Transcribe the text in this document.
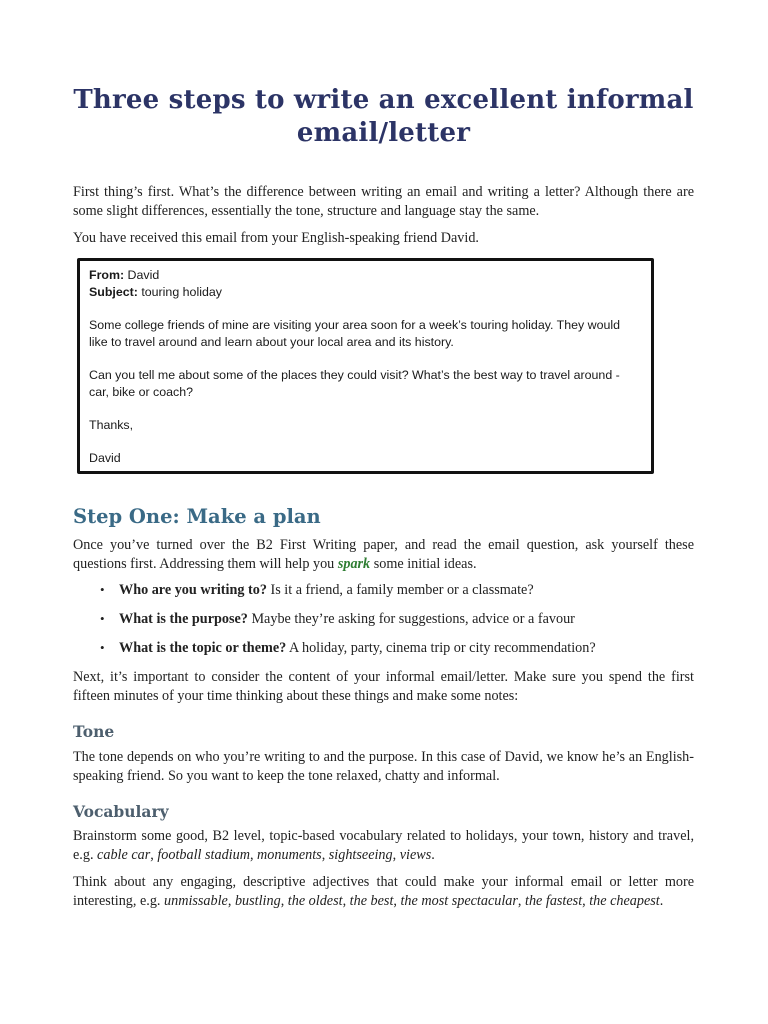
Three steps to write an excellent informal email/letter

First thing’s first. What’s the difference between writing an email and writing a letter? Although there are some slight differences, essentially the tone, structure and language stay the same.

You have received this email from your English-speaking friend David.

From: David
Subject: touring holiday
Some college friends of mine are visiting your area soon for a week’s touring holiday. They would
like to travel around and learn about your local area and its history.
Can you tell me about some of the places they could visit? What’s the best way to travel around -
car, bike or coach?
Thanks,
David
Step One: Make a plan

Once you’ve turned over the B2 First Writing paper, and read the email question, ask yourself these questions first. Addressing them will help you spark some initial ideas.

• Who are you writing to? Is it a friend, a family member or a classmate?
• What is the purpose? Maybe they’re asking for suggestions, advice or a favour
• What is the topic or theme? A holiday, party, cinema trip or city recommendation?

Next, it’s important to consider the content of your informal email/letter. Make sure you spend the first fifteen minutes of your time thinking about these things and make some notes:

Tone

The tone depends on who you’re writing to and the purpose. In this case of David, we know he’s an English-speaking friend. So you want to keep the tone relaxed, chatty and informal.

Vocabulary

Brainstorm some good, B2 level, topic-based vocabulary related to holidays, your town, history and travel, e.g. cable car, football stadium, monuments, sightseeing, views.

Think about any engaging, descriptive adjectives that could make your informal email or letter more interesting, e.g. unmissable, bustling, the oldest, the best, the most spectacular, the fastest, the cheapest.
